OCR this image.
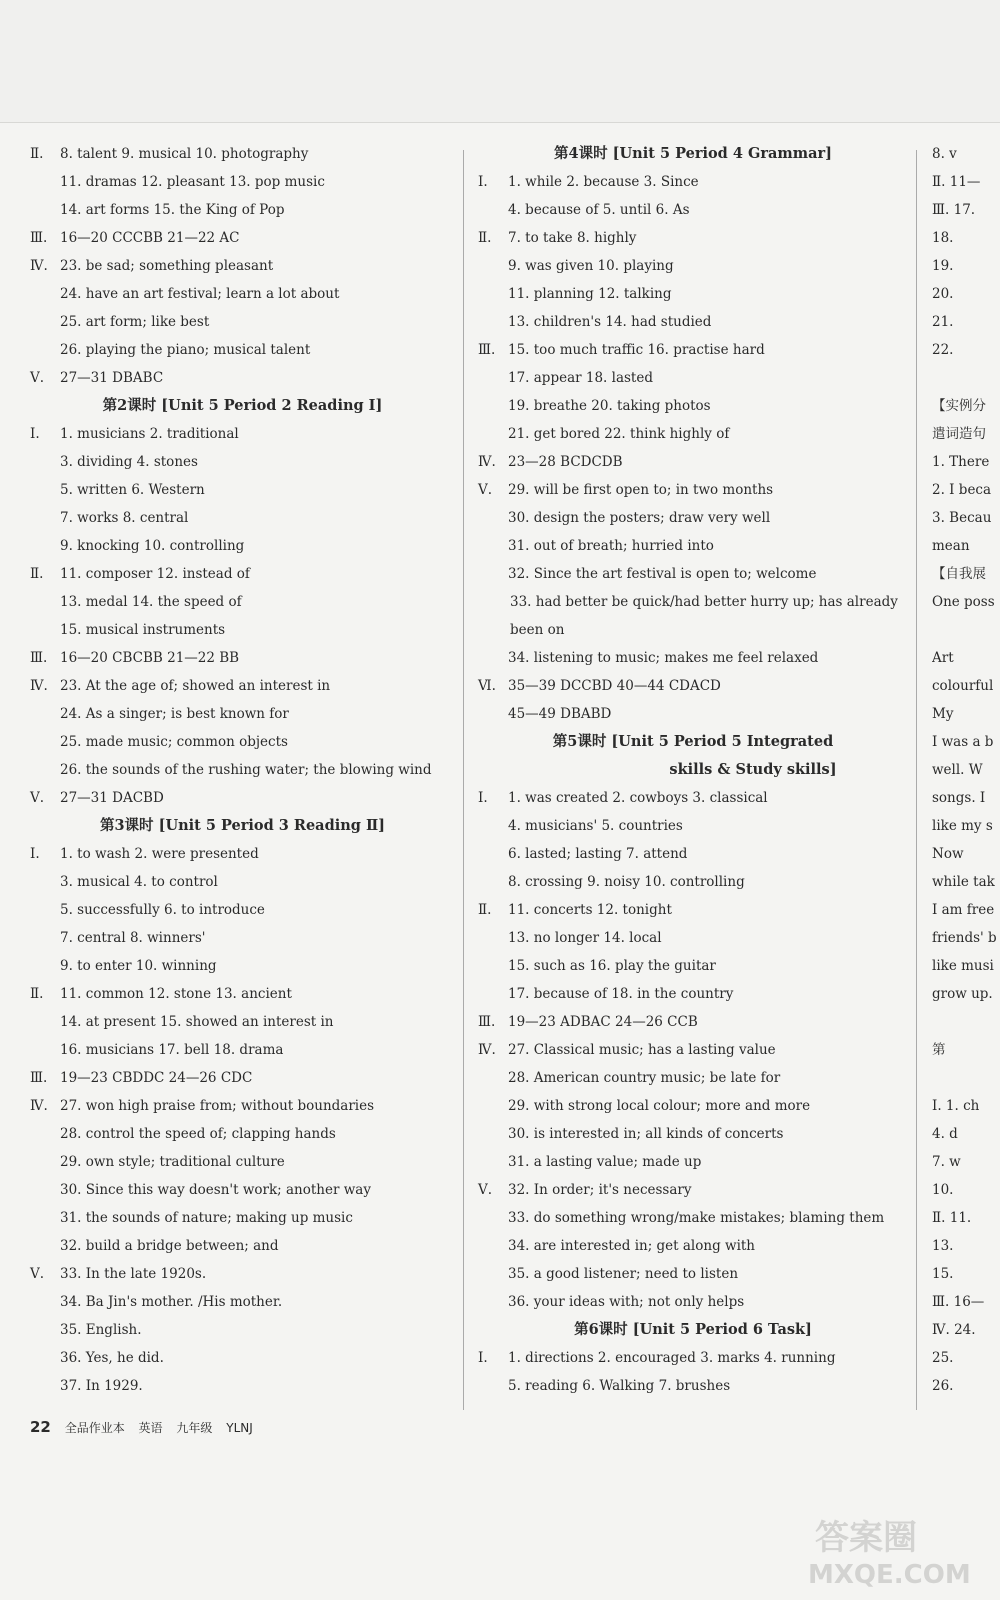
Ⅱ. 8. talent 9. musical 10. photography
11. dramas 12. pleasant 13. pop music
14. art forms 15. the King of Pop
Ⅲ. 16—20 CCCBB 21—22 AC
Ⅳ. 23. be sad; something pleasant
24. have an art festival; learn a lot about
25. art form; like best
26. playing the piano; musical talent
Ⅴ. 27—31 DBABC
第2课时 [Unit 5 Period 2 Reading Ⅰ]
Ⅰ. 1. musicians 2. traditional
3. dividing 4. stones
5. written 6. Western
7. works 8. central
9. knocking 10. controlling
Ⅱ. 11. composer 12. instead of
13. medal 14. the speed of
15. musical instruments
Ⅲ. 16—20 CBCBB 21—22 BB
Ⅳ. 23. At the age of; showed an interest in
24. As a singer; is best known for
25. made music; common objects
26. the sounds of the rushing water; the blowing wind
Ⅴ. 27—31 DACBD
第3课时 [Unit 5 Period 3 Reading Ⅱ]
Ⅰ. 1. to wash 2. were presented
3. musical 4. to control
5. successfully 6. to introduce
7. central 8. winners'
9. to enter 10. winning
Ⅱ. 11. common 12. stone 13. ancient
14. at present 15. showed an interest in
16. musicians 17. bell 18. drama
Ⅲ. 19—23 CBDDC 24—26 CDC
Ⅳ. 27. won high praise from; without boundaries
28. control the speed of; clapping hands
29. own style; traditional culture
30. Since this way doesn't work; another way
31. the sounds of nature; making up music
32. build a bridge between; and
Ⅴ. 33. In the late 1920s.
34. Ba Jin's mother. /His mother.
35. English.
36. Yes, he did.
37. In 1929.
第4课时 [Unit 5 Period 4 Grammar]
Ⅰ. 1. while 2. because 3. Since
4. because of 5. until 6. As
Ⅱ. 7. to take 8. highly
9. was given 10. playing
11. planning 12. talking
13. children's 14. had studied
Ⅲ. 15. too much traffic 16. practise hard
17. appear 18. lasted
19. breathe 20. taking photos
21. get bored 22. think highly of
Ⅳ. 23—28 BCDCDB
Ⅴ. 29. will be first open to; in two months
30. design the posters; draw very well
31. out of breath; hurried into
32. Since the art festival is open to; welcome
33. had better be quick/had better hurry up; has already been on
34. listening to music; makes me feel relaxed
Ⅵ. 35—39 DCCBD 40—44 CDACD
45—49 DBABD
第5课时 [Unit 5 Period 5 Integrated
skills & Study skills]
Ⅰ. 1. was created 2. cowboys 3. classical
4. musicians' 5. countries
6. lasted; lasting 7. attend
8. crossing 9. noisy 10. controlling
Ⅱ. 11. concerts 12. tonight
13. no longer 14. local
15. such as 16. play the guitar
17. because of 18. in the country
Ⅲ. 19—23 ADBAC 24—26 CCB
Ⅳ. 27. Classical music; has a lasting value
28. American country music; be late for
29. with strong local colour; more and more
30. is interested in; all kinds of concerts
31. a lasting value; made up
Ⅴ. 32. In order; it's necessary
33. do something wrong/make mistakes; blaming them
34. are interested in; get along with
35. a good listener; need to listen
36. your ideas with; not only helps
第6课时 [Unit 5 Period 6 Task]
Ⅰ. 1. directions 2. encouraged 3. marks 4. running
5. reading 6. Walking 7. brushes
8. v
Ⅱ. 11—
Ⅲ. 17.
18.
19.
20.
21.
22.
【实例分
遣词造句
1. There
2. I beca
3. Becau
mean
【自我展
One poss
Art
colourful
My
I was a b
well. W
songs. I
like my s
Now
while tak
I am free
friends' b
like musi
grow up.
第
Ⅰ. 1. ch
4. d
7. w
10.
Ⅱ. 11.
13.
15.
Ⅲ. 16—
Ⅳ. 24.
25.
26.
22 全品作业本 英语 九年级 YLNJ
答案圈
MXQE.COM
